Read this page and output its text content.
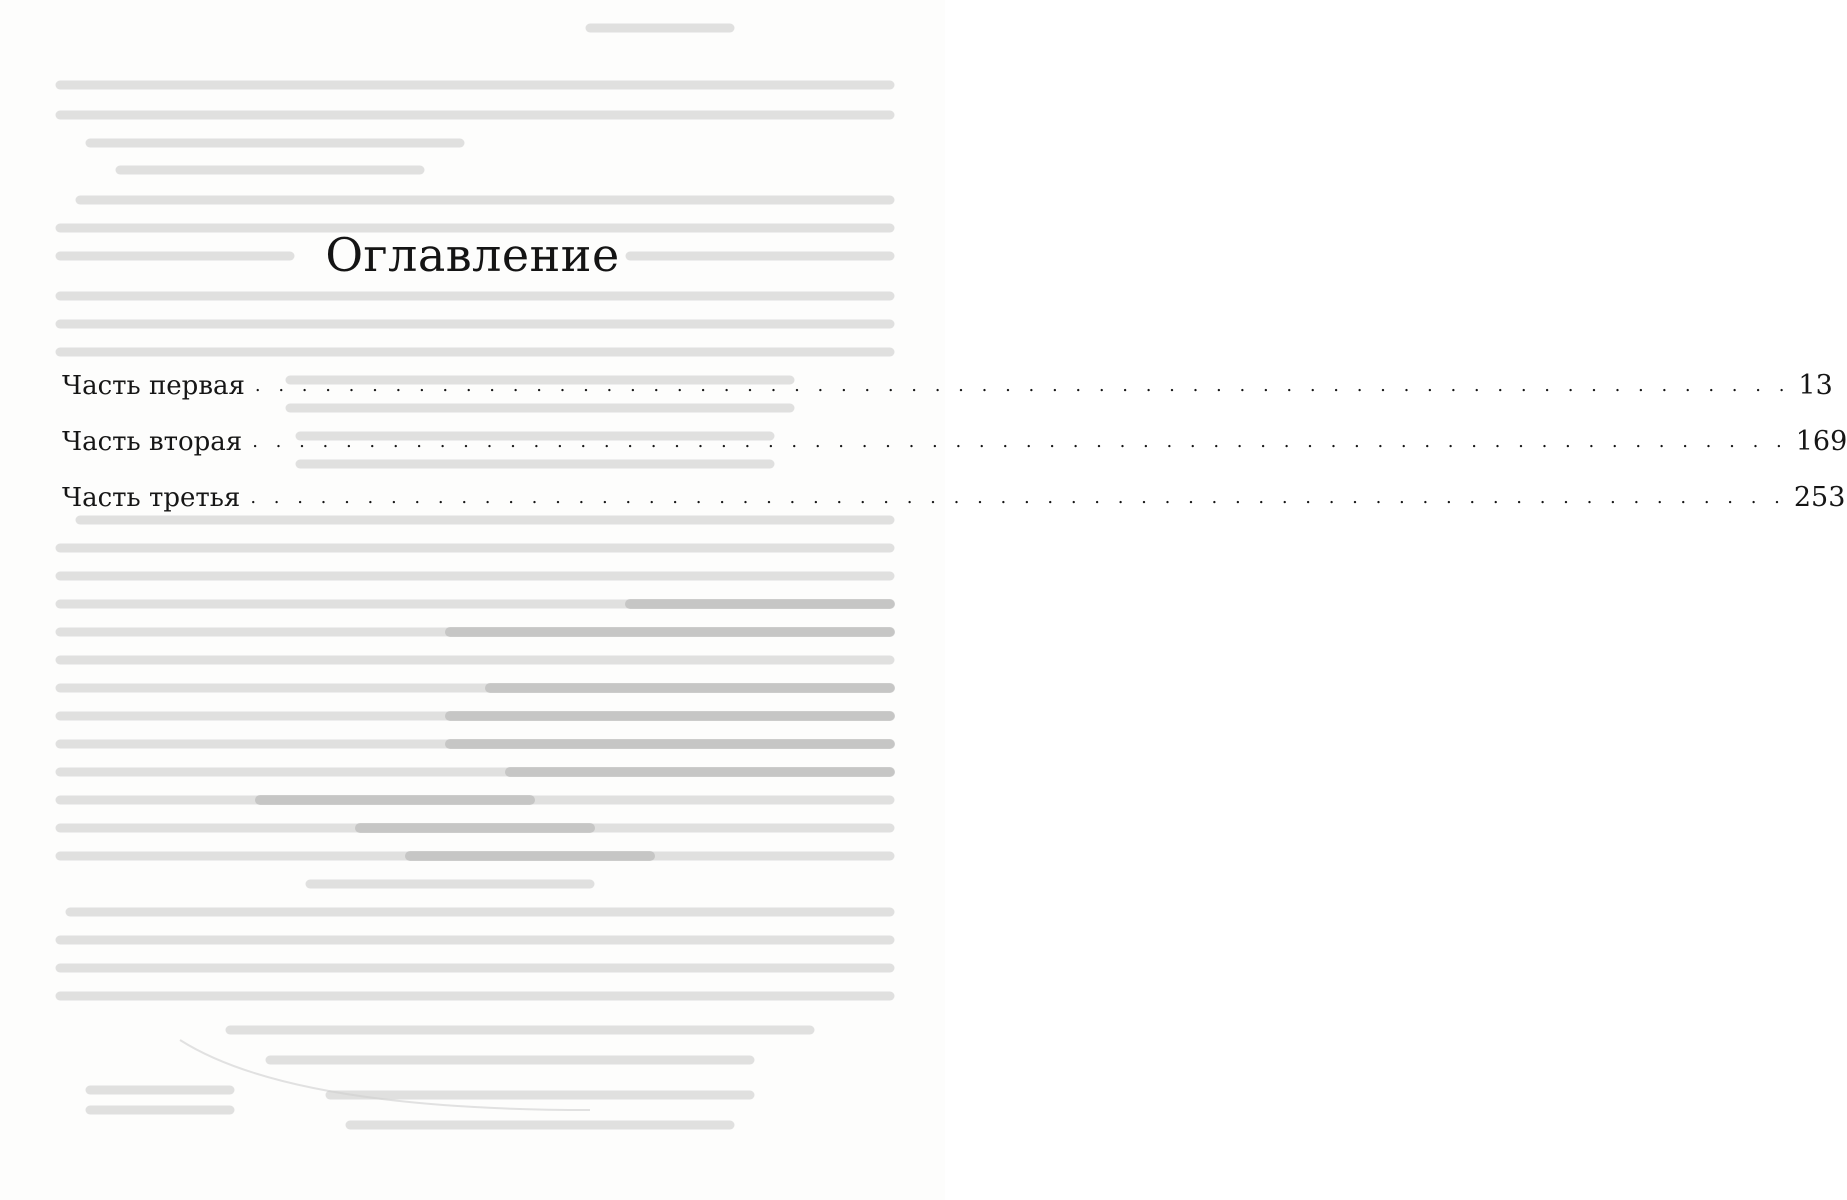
Оглавление
Часть первая . . . . . . . . . . . . . . . . . . . . . . . . . . . . . . . . . . . . . . . . . . . . . . . . . . . . . . . . . . . . . . . . . . 13
Часть вторая . . . . . . . . . . . . . . . . . . . . . . . . . . . . . . . . . . . . . . . . . . . . . . . . . . . . . . . . . . . . . . . . . . 169
Часть третья . . . . . . . . . . . . . . . . . . . . . . . . . . . . . . . . . . . . . . . . . . . . . . . . . . . . . . . . . . . . . . . . . . 253
